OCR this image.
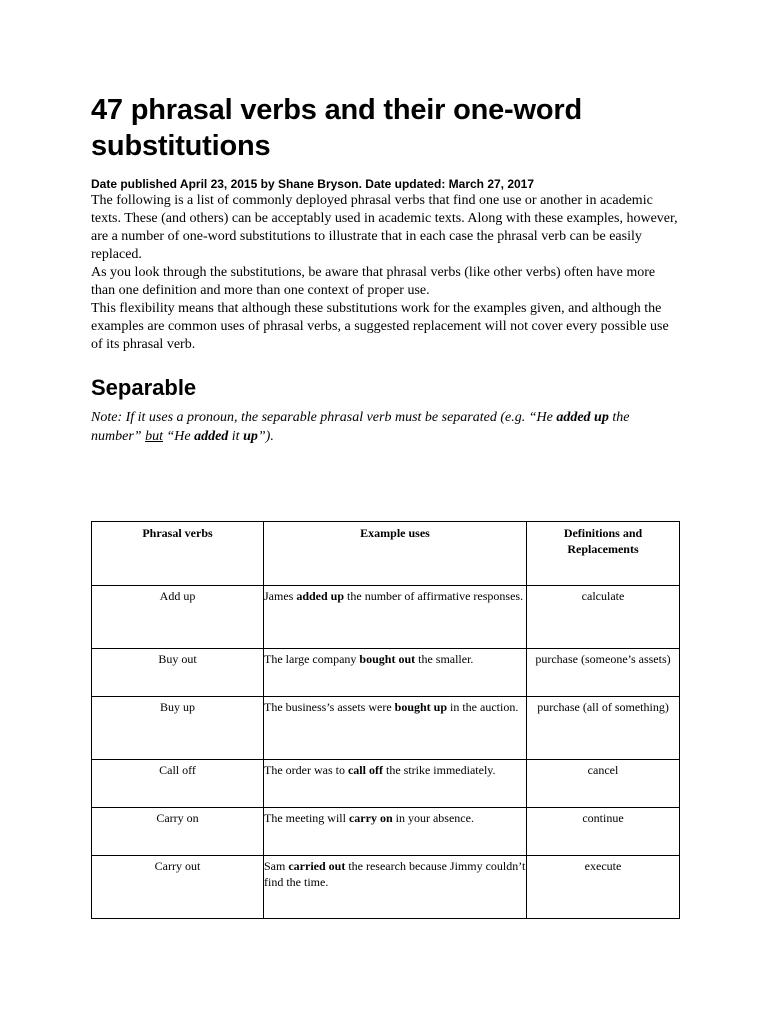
47 phrasal verbs and their one-word substitutions
Date published April 23, 2015 by Shane Bryson. Date updated: March 27, 2017

The following is a list of commonly deployed phrasal verbs that find one use or another in academic texts. These (and others) can be acceptably used in academic texts. Along with these examples, however, are a number of one-word substitutions to illustrate that in each case the phrasal verb can be easily replaced.

As you look through the substitutions, be aware that phrasal verbs (like other verbs) often have more than one definition and more than one context of proper use.

This flexibility means that although these substitutions work for the examples given, and although the examples are common uses of phrasal verbs, a suggested replacement will not cover every possible use of its phrasal verb.

Separable
Note: If it uses a pronoun, the separable phrasal verb must be separated (e.g. “He added up the number” but “He added it up”).
Phrasal verbs	Example uses	Definitions and Replacements

Add up	James added up the number of affirmative responses.	calculate

Buy out	The large company bought out the smaller.	purchase (someone’s assets)

Buy up	The business’s assets were bought up in the auction.	purchase (all of something)

Call off	The order was to call off the strike immediately.	cancel

Carry on	The meeting will carry on in your absence.	continue

Carry out	Sam carried out the research because Jimmy couldn’t find the time.	execute
